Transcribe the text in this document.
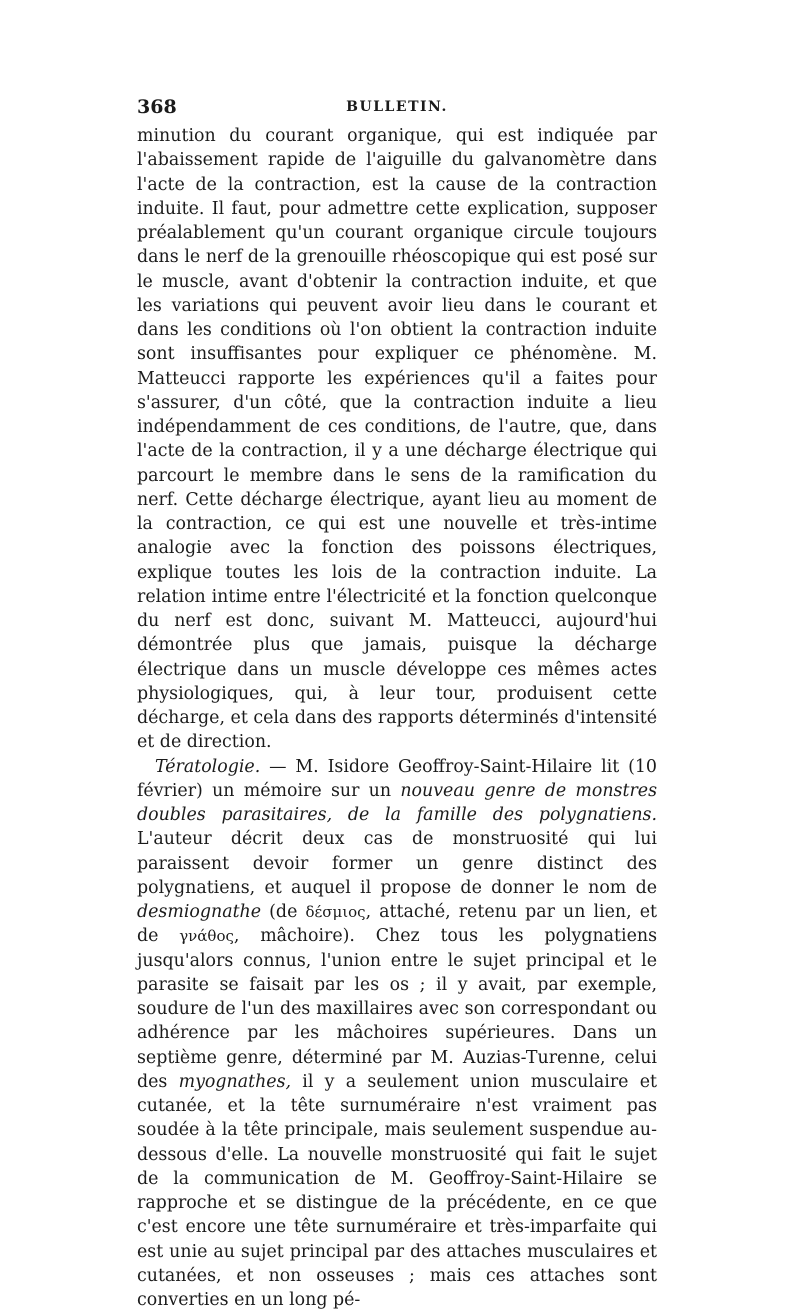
368	BULLETIN.

minution du courant organique, qui est indiquée par l'abaissement rapide de l'aiguille du galvanomètre dans l'acte de la contraction, est la cause de la contraction induite. Il faut, pour admettre cette explication, supposer préalablement qu'un courant organique circule toujours dans le nerf de la grenouille rhéoscopique qui est posé sur le muscle, avant d'obtenir la contraction induite, et que les variations qui peuvent avoir lieu dans le courant et dans les conditions où l'on obtient la contraction induite sont insuffisantes pour expliquer ce phénomène. M. Matteucci rapporte les expériences qu'il a faites pour s'assurer, d'un côté, que la contraction induite a lieu indépendamment de ces conditions, de l'autre, que, dans l'acte de la contraction, il y a une décharge électrique qui parcourt le membre dans le sens de la ramification du nerf. Cette décharge électrique, ayant lieu au moment de la contraction, ce qui est une nouvelle et très-intime analogie avec la fonction des poissons électriques, explique toutes les lois de la contraction induite. La relation intime entre l'électricité et la fonction quelconque du nerf est donc, suivant M. Matteucci, aujourd'hui démontrée plus que jamais, puisque la décharge électrique dans un muscle développe ces mêmes actes physiologiques, qui, à leur tour, produisent cette décharge, et cela dans des rapports déterminés d'intensité et de direction.

Tératologie. — M. Isidore Geoffroy-Saint-Hilaire lit (10 février) un mémoire sur un nouveau genre de monstres doubles parasitaires, de la famille des polygnatiens. L'auteur décrit deux cas de monstruosité qui lui paraissent devoir former un genre distinct des polygnatiens, et auquel il propose de donner le nom de desmiognathe (de δέσμιος, attaché, retenu par un lien, et de γνάθος, mâchoire). Chez tous les polygnatiens jusqu'alors connus, l'union entre le sujet principal et le parasite se faisait par les os ; il y avait, par exemple, soudure de l'un des maxillaires avec son correspondant ou adhérence par les mâchoires supérieures. Dans un septième genre, déterminé par M. Auzias-Turenne, celui des myognathes, il y a seulement union musculaire et cutanée, et la tête surnuméraire n'est vraiment pas soudée à la tête principale, mais seulement suspendue au-dessous d'elle. La nouvelle monstruosité qui fait le sujet de la communication de M. Geoffroy-Saint-Hilaire se rapproche et se distingue de la précédente, en ce que c'est encore une tête surnuméraire et très-imparfaite qui est unie au sujet principal par des attaches musculaires et cutanées, et non osseuses ; mais ces attaches sont converties en un long pé-
